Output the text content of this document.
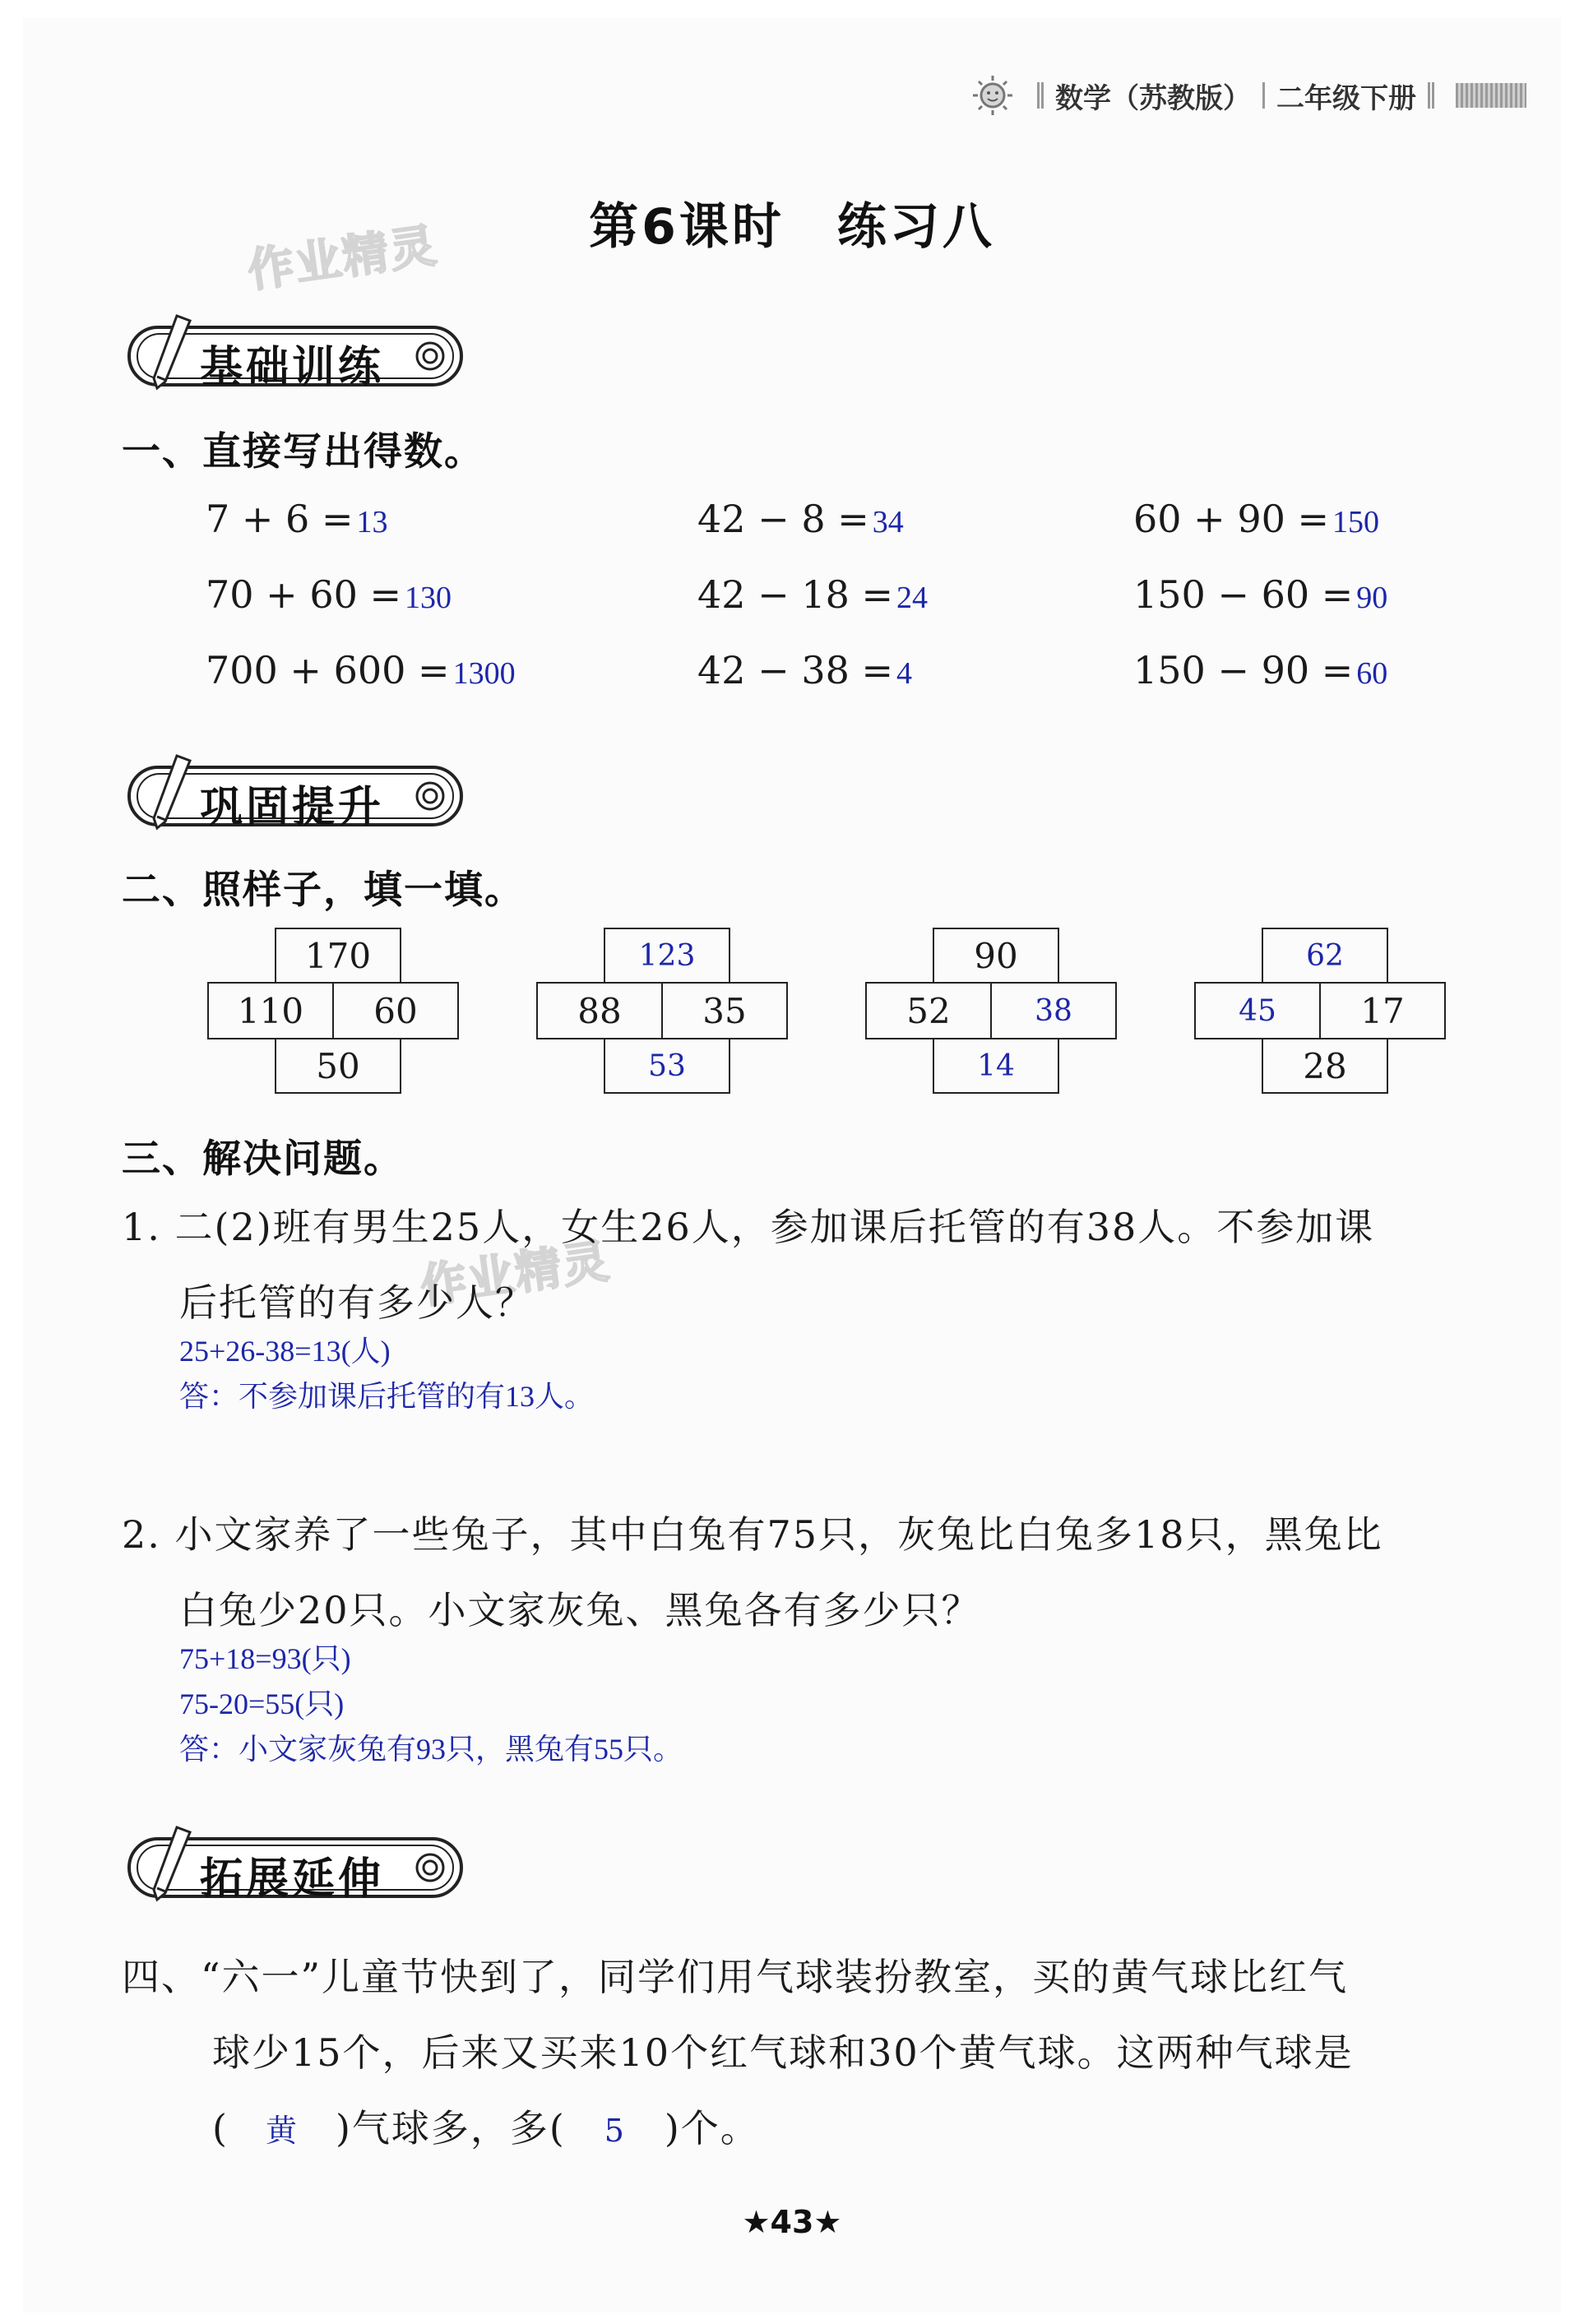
数学（苏教版） 二年级下册
第6课时　练习八
作业精灵
作业精灵
基础训练
一、直接写出得数。
7 + 6 = 13	42 − 8 = 34	60 + 90 = 150
70 + 60 = 130	42 − 18 = 24	150 − 60 = 90
700 + 600 = 1300	42 − 38 = 4	150 − 90 = 60
巩固提升
二、照样子，填一填。
170
110	60
50
123
88	35
53
90
52	38
14
62
45	17
28
三、解决问题。
1. 二(2)班有男生25人，女生26人，参加课后托管的有38人。不参加课
后托管的有多少人？
25+26-38=13(人)
答：不参加课后托管的有13人。
2. 小文家养了一些兔子，其中白兔有75只，灰兔比白兔多18只，黑兔比
白兔少20只。小文家灰兔、黑兔各有多少只？
75+18=93(只)
75-20=55(只)
答：小文家灰兔有93只，黑兔有55只。
拓展延伸
四、“六一”儿童节快到了，同学们用气球装扮教室，买的黄气球比红气
球少15个，后来又买来10个红气球和30个黄气球。这两种气球是
( 黄 )气球多，多( 5 )个。
★43★
